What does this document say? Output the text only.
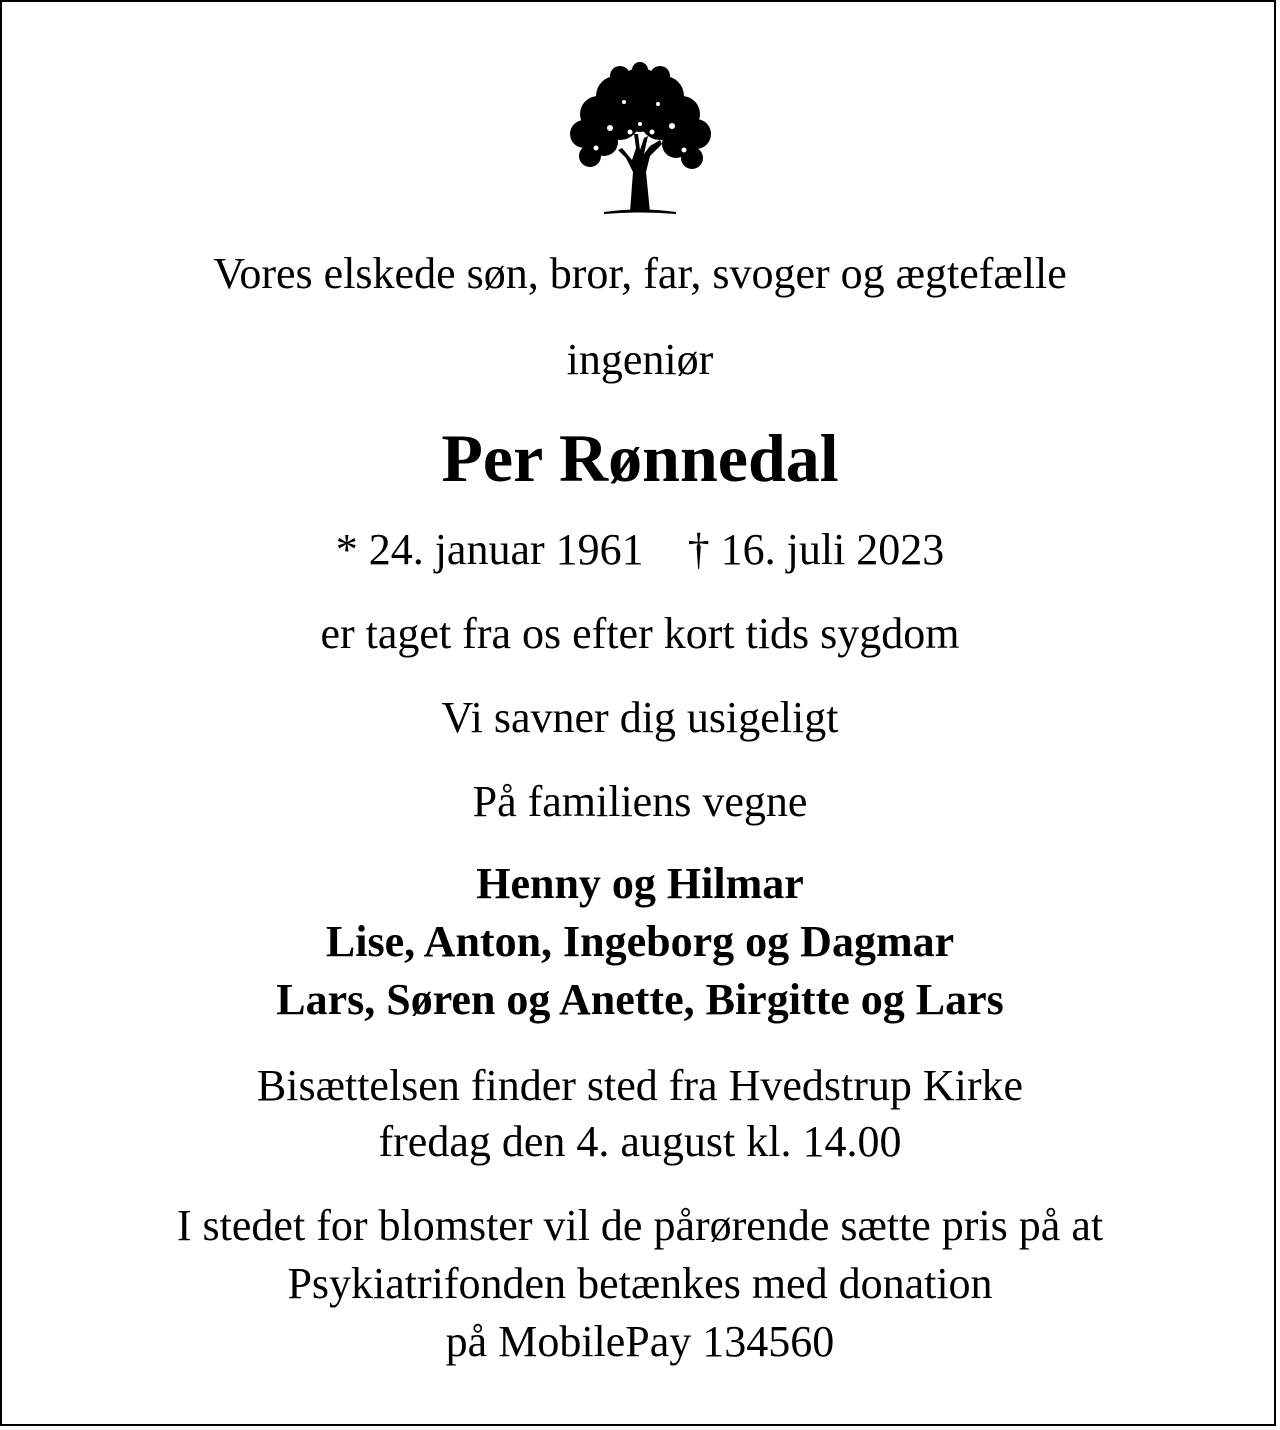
Vores elskede søn, bror, far, svoger og ægtefælle
ingeniør
Per Rønnedal
* 24. januar 1961 † 16. juli 2023
er taget fra os efter kort tids sygdom
Vi savner dig usigeligt
På familiens vegne
Henny og Hilmar
Lise, Anton, Ingeborg og Dagmar
Lars, Søren og Anette, Birgitte og Lars
Bisættelsen finder sted fra Hvedstrup Kirke
fredag den 4. august kl. 14.00
I stedet for blomster vil de pårørende sætte pris på at
Psykiatrifonden betænkes med donation
på MobilePay 134560
